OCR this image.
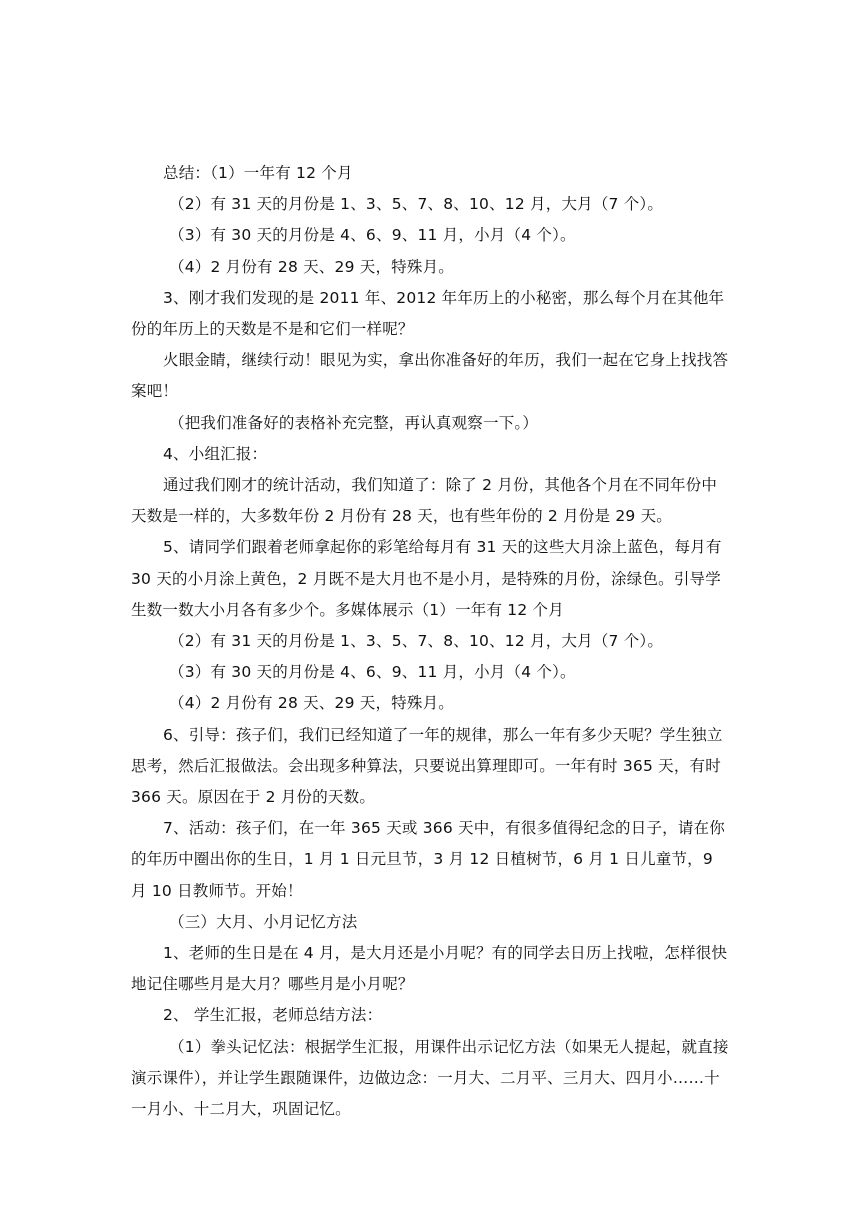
总结：（1）一年有 12 个月

（2）有 31 天的月份是 1、3、5、7、8、10、12 月，大月（7 个）。

（3）有 30 天的月份是 4、6、9、11 月，小月（4 个）。

（4）2 月份有 28 天、29 天，特殊月。

3、刚才我们发现的是 2011 年、2012 年年历上的小秘密，那么每个月在其他年份的年历上的天数是不是和它们一样呢？

火眼金睛，继续行动！眼见为实，拿出你准备好的年历，我们一起在它身上找找答案吧！

（把我们准备好的表格补充完整，再认真观察一下。）

4、小组汇报：

通过我们刚才的统计活动，我们知道了：除了 2 月份，其他各个月在不同年份中天数是一样的，大多数年份 2 月份有 28 天，也有些年份的 2 月份是 29 天。

5、请同学们跟着老师拿起你的彩笔给每月有 31 天的这些大月涂上蓝色，每月有 30 天的小月涂上黄色，2 月既不是大月也不是小月，是特殊的月份，涂绿色。引导学生数一数大小月各有多少个。多媒体展示（1）一年有 12 个月

（2）有 31 天的月份是 1、3、5、7、8、10、12 月，大月（7 个）。

（3）有 30 天的月份是 4、6、9、11 月，小月（4 个）。

（4）2 月份有 28 天、29 天，特殊月。

6、引导：孩子们，我们已经知道了一年的规律，那么一年有多少天呢？学生独立思考，然后汇报做法。会出现多种算法，只要说出算理即可。一年有时 365 天，有时 366 天。原因在于 2 月份的天数。

7、活动：孩子们，在一年 365 天或 366 天中，有很多值得纪念的日子，请在你的年历中圈出你的生日，1 月 1 日元旦节，3 月 12 日植树节，6 月 1 日儿童节，9 月 10 日教师节。开始！

（三）大月、小月记忆方法

1、老师的生日是在 4 月，是大月还是小月呢？有的同学去日历上找啦，怎样很快地记住哪些月是大月？哪些月是小月呢？

2、 学生汇报，老师总结方法：

（1）拳头记忆法：根据学生汇报，用课件出示记忆方法（如果无人提起，就直接演示课件），并让学生跟随课件，边做边念：一月大、二月平、三月大、四月小……十一月小、十二月大，巩固记忆。
